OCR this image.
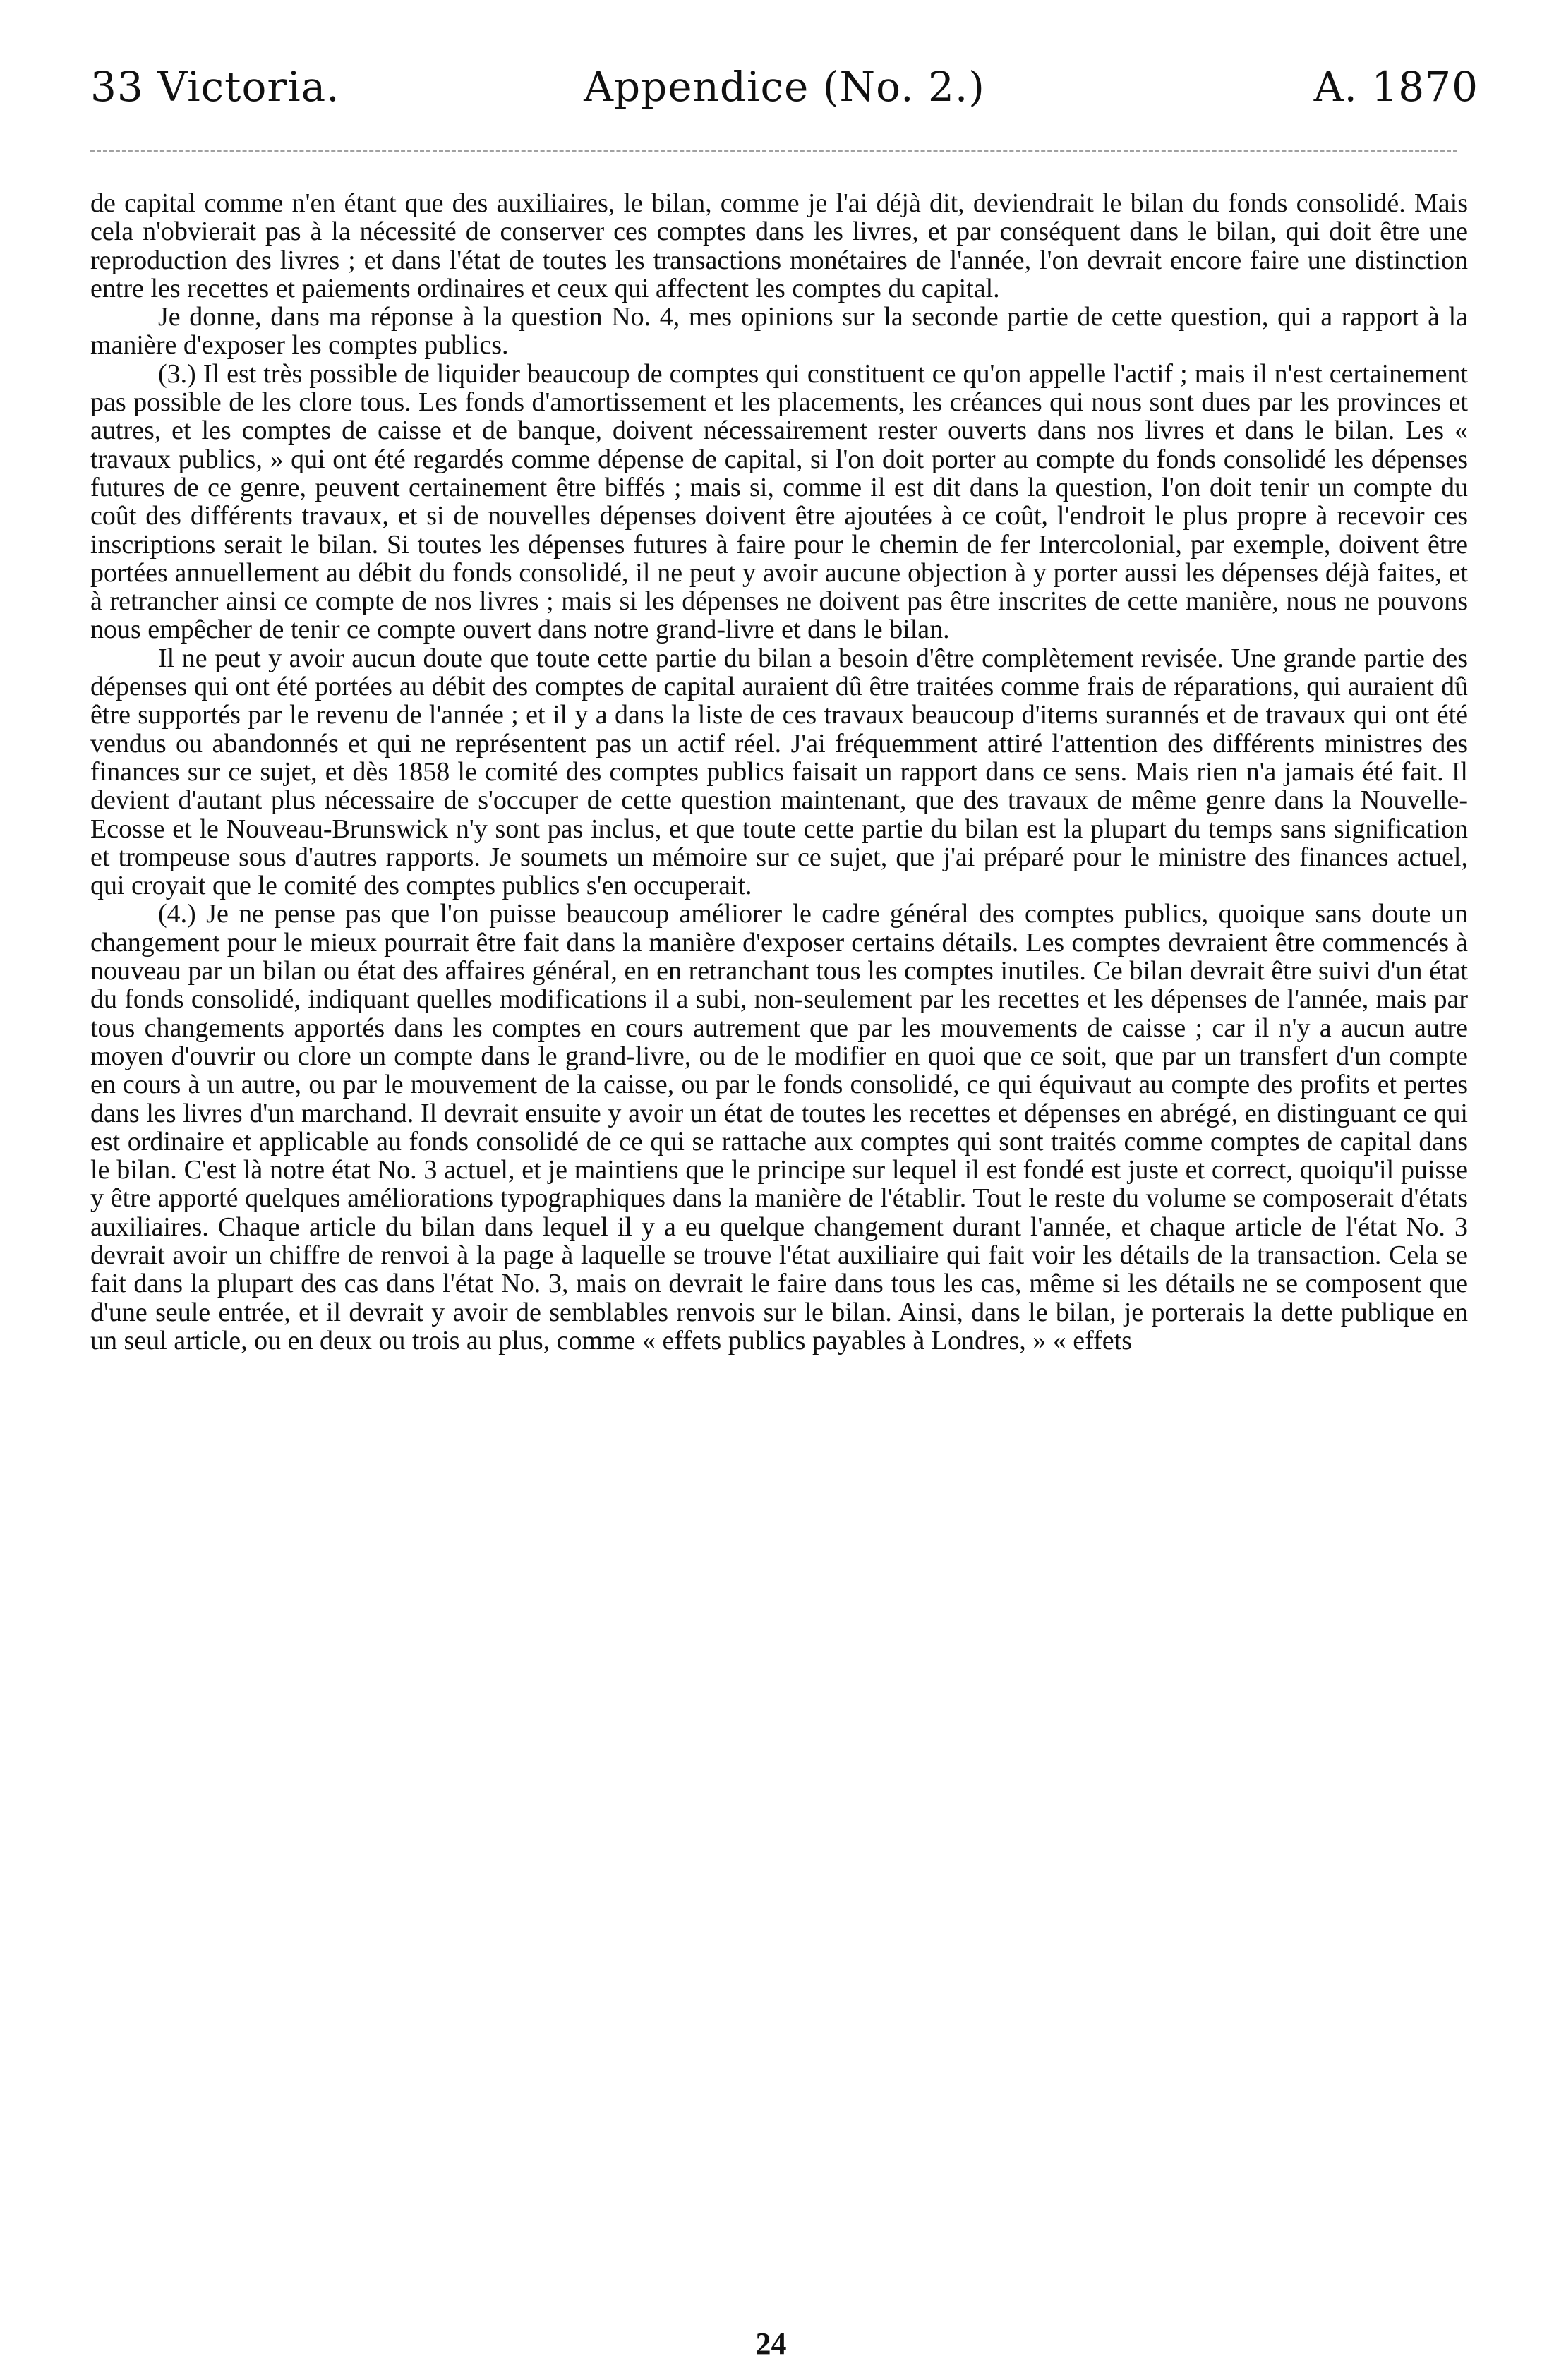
33 Victoria.	Appendice (No. 2.)	A. 1870

de capital comme n'en étant que des auxiliaires, le bilan, comme je l'ai déjà dit, deviendrait le bilan du fonds consolidé. Mais cela n'obvierait pas à la nécessité de conserver ces comptes dans les livres, et par conséquent dans le bilan, qui doit être une reproduction des livres ; et dans l'état de toutes les transactions monétaires de l'année, l'on devrait encore faire une distinction entre les recettes et paiements ordinaires et ceux qui affectent les comptes du capital.

Je donne, dans ma réponse à la question No. 4, mes opinions sur la seconde partie de cette question, qui a rapport à la manière d'exposer les comptes publics.

(3.) Il est très possible de liquider beaucoup de comptes qui constituent ce qu'on appelle l'actif ; mais il n'est certainement pas possible de les clore tous. Les fonds d'amortissement et les placements, les créances qui nous sont dues par les provinces et autres, et les comptes de caisse et de banque, doivent nécessairement rester ouverts dans nos livres et dans le bilan. Les « travaux publics, » qui ont été regardés comme dépense de capital, si l'on doit porter au compte du fonds consolidé les dépenses futures de ce genre, peuvent certainement être biffés ; mais si, comme il est dit dans la question, l'on doit tenir un compte du coût des différents travaux, et si de nouvelles dépenses doivent être ajoutées à ce coût, l'endroit le plus propre à recevoir ces inscriptions serait le bilan. Si toutes les dépenses futures à faire pour le chemin de fer Intercolonial, par exemple, doivent être portées annuellement au débit du fonds consolidé, il ne peut y avoir aucune objection à y porter aussi les dépenses déjà faites, et à retrancher ainsi ce compte de nos livres ; mais si les dépenses ne doivent pas être inscrites de cette manière, nous ne pouvons nous empêcher de tenir ce compte ouvert dans notre grand-livre et dans le bilan.

Il ne peut y avoir aucun doute que toute cette partie du bilan a besoin d'être complètement revisée. Une grande partie des dépenses qui ont été portées au débit des comptes de capital auraient dû être traitées comme frais de réparations, qui auraient dû être supportés par le revenu de l'année ; et il y a dans la liste de ces travaux beaucoup d'items surannés et de travaux qui ont été vendus ou abandonnés et qui ne représentent pas un actif réel. J'ai fréquemment attiré l'attention des différents ministres des finances sur ce sujet, et dès 1858 le comité des comptes publics faisait un rapport dans ce sens. Mais rien n'a jamais été fait. Il devient d'autant plus nécessaire de s'occuper de cette question maintenant, que des travaux de même genre dans la Nouvelle-Ecosse et le Nouveau-Brunswick n'y sont pas inclus, et que toute cette partie du bilan est la plupart du temps sans signification et trompeuse sous d'autres rapports. Je soumets un mémoire sur ce sujet, que j'ai préparé pour le ministre des finances actuel, qui croyait que le comité des comptes publics s'en occuperait.

(4.) Je ne pense pas que l'on puisse beaucoup améliorer le cadre général des comptes publics, quoique sans doute un changement pour le mieux pourrait être fait dans la manière d'exposer certains détails. Les comptes devraient être commencés à nouveau par un bilan ou état des affaires général, en en retranchant tous les comptes inutiles. Ce bilan devrait être suivi d'un état du fonds consolidé, indiquant quelles modifications il a subi, non-seulement par les recettes et les dépenses de l'année, mais par tous changements apportés dans les comptes en cours autrement que par les mouvements de caisse ; car il n'y a aucun autre moyen d'ouvrir ou clore un compte dans le grand-livre, ou de le modifier en quoi que ce soit, que par un transfert d'un compte en cours à un autre, ou par le mouvement de la caisse, ou par le fonds consolidé, ce qui équivaut au compte des profits et pertes dans les livres d'un marchand. Il devrait ensuite y avoir un état de toutes les recettes et dépenses en abrégé, en distinguant ce qui est ordinaire et applicable au fonds consolidé de ce qui se rattache aux comptes qui sont traités comme comptes de capital dans le bilan. C'est là notre état No. 3 actuel, et je maintiens que le principe sur lequel il est fondé est juste et correct, quoiqu'il puisse y être apporté quelques améliorations typographiques dans la manière de l'établir. Tout le reste du volume se composerait d'états auxiliaires. Chaque article du bilan dans lequel il y a eu quelque changement durant l'année, et chaque article de l'état No. 3 devrait avoir un chiffre de renvoi à la page à laquelle se trouve l'état auxiliaire qui fait voir les détails de la transaction. Cela se fait dans la plupart des cas dans l'état No. 3, mais on devrait le faire dans tous les cas, même si les détails ne se composent que d'une seule entrée, et il devrait y avoir de semblables renvois sur le bilan. Ainsi, dans le bilan, je porterais la dette publique en un seul article, ou en deux ou trois au plus, comme « effets publics payables à Londres, » « effets

24
